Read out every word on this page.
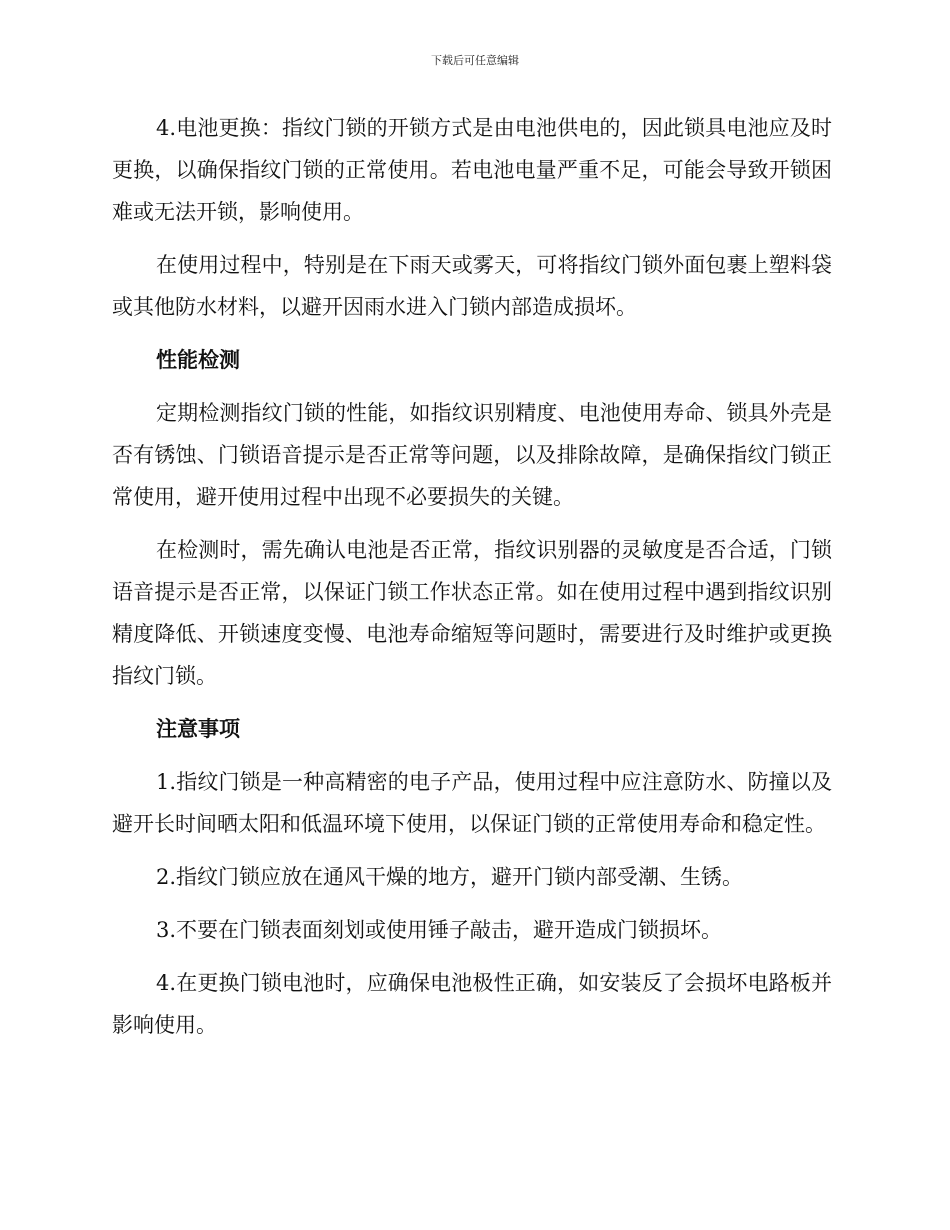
下载后可任意编辑

4.电池更换：指纹门锁的开锁方式是由电池供电的，因此锁具电池应及时更换，以确保指纹门锁的正常使用。若电池电量严重不足，可能会导致开锁困难或无法开锁，影响使用。

在使用过程中，特别是在下雨天或雾天，可将指纹门锁外面包裹上塑料袋或其他防水材料，以避开因雨水进入门锁内部造成损坏。

性能检测

定期检测指纹门锁的性能，如指纹识别精度、电池使用寿命、锁具外壳是否有锈蚀、门锁语音提示是否正常等问题，以及排除故障，是确保指纹门锁正常使用，避开使用过程中出现不必要损失的关键。

在检测时，需先确认电池是否正常，指纹识别器的灵敏度是否合适，门锁语音提示是否正常，以保证门锁工作状态正常。如在使用过程中遇到指纹识别精度降低、开锁速度变慢、电池寿命缩短等问题时，需要进行及时维护或更换指纹门锁。

注意事项

1.指纹门锁是一种高精密的电子产品，使用过程中应注意防水、防撞以及避开长时间晒太阳和低温环境下使用，以保证门锁的正常使用寿命和稳定性。

2.指纹门锁应放在通风干燥的地方，避开门锁内部受潮、生锈。

3.不要在门锁表面刻划或使用锤子敲击，避开造成门锁损坏。

4.在更换门锁电池时，应确保电池极性正确，如安装反了会损坏电路板并影响使用。
